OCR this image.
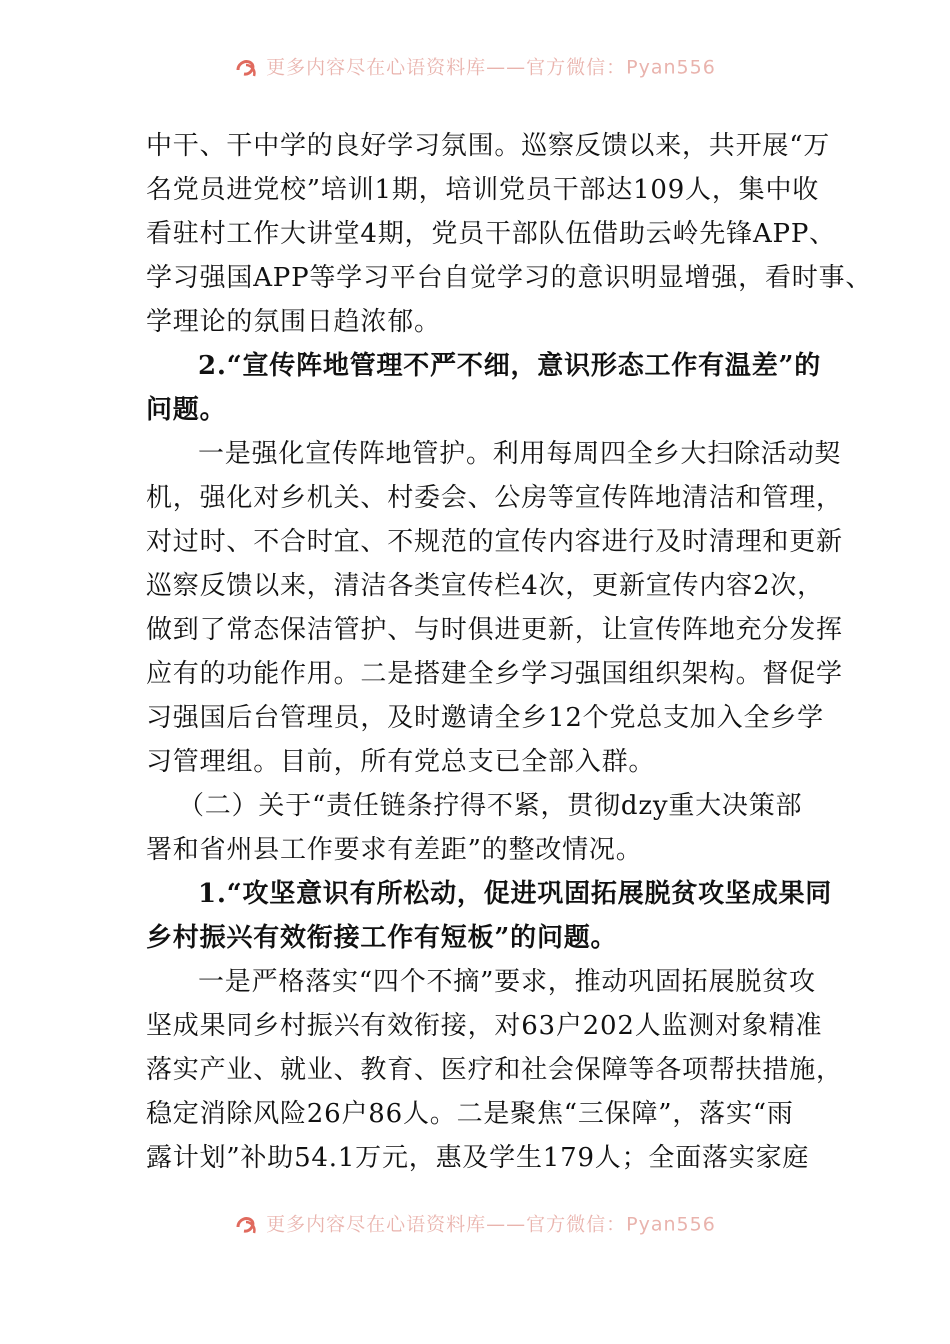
更多内容尽在心语资料库——官方微信：Pyan556
中干、干中学的良好学习氛围。巡察反馈以来，共开展“万
名党员进党校”培训1期，培训党员干部达109人，集中收
看驻村工作大讲堂4期，党员干部队伍借助云岭先锋APP、
学习强国APP等学习平台自觉学习的意识明显增强，看时事、
学理论的氛围日趋浓郁。
2.“宣传阵地管理不严不细，意识形态工作有温差”的
问题。
一是强化宣传阵地管护。利用每周四全乡大扫除活动契
机，强化对乡机关、村委会、公房等宣传阵地清洁和管理，
对过时、不合时宜、不规范的宣传内容进行及时清理和更新
巡察反馈以来，清洁各类宣传栏4次，更新宣传内容2次，
做到了常态保洁管护、与时俱进更新，让宣传阵地充分发挥
应有的功能作用。二是搭建全乡学习强国组织架构。督促学
习强国后台管理员，及时邀请全乡12个党总支加入全乡学
习管理组。目前，所有党总支已全部入群。
（二）关于“责任链条拧得不紧，贯彻dzy重大决策部
署和省州县工作要求有差距”的整改情况。
1.“攻坚意识有所松动，促进巩固拓展脱贫攻坚成果同
乡村振兴有效衔接工作有短板”的问题。
一是严格落实“四个不摘”要求，推动巩固拓展脱贫攻
坚成果同乡村振兴有效衔接，对63户202人监测对象精准
落实产业、就业、教育、医疗和社会保障等各项帮扶措施，
稳定消除风险26户86人。二是聚焦“三保障”，落实“雨
露计划”补助54.1万元，惠及学生179人；全面落实家庭
更多内容尽在心语资料库——官方微信：Pyan556
